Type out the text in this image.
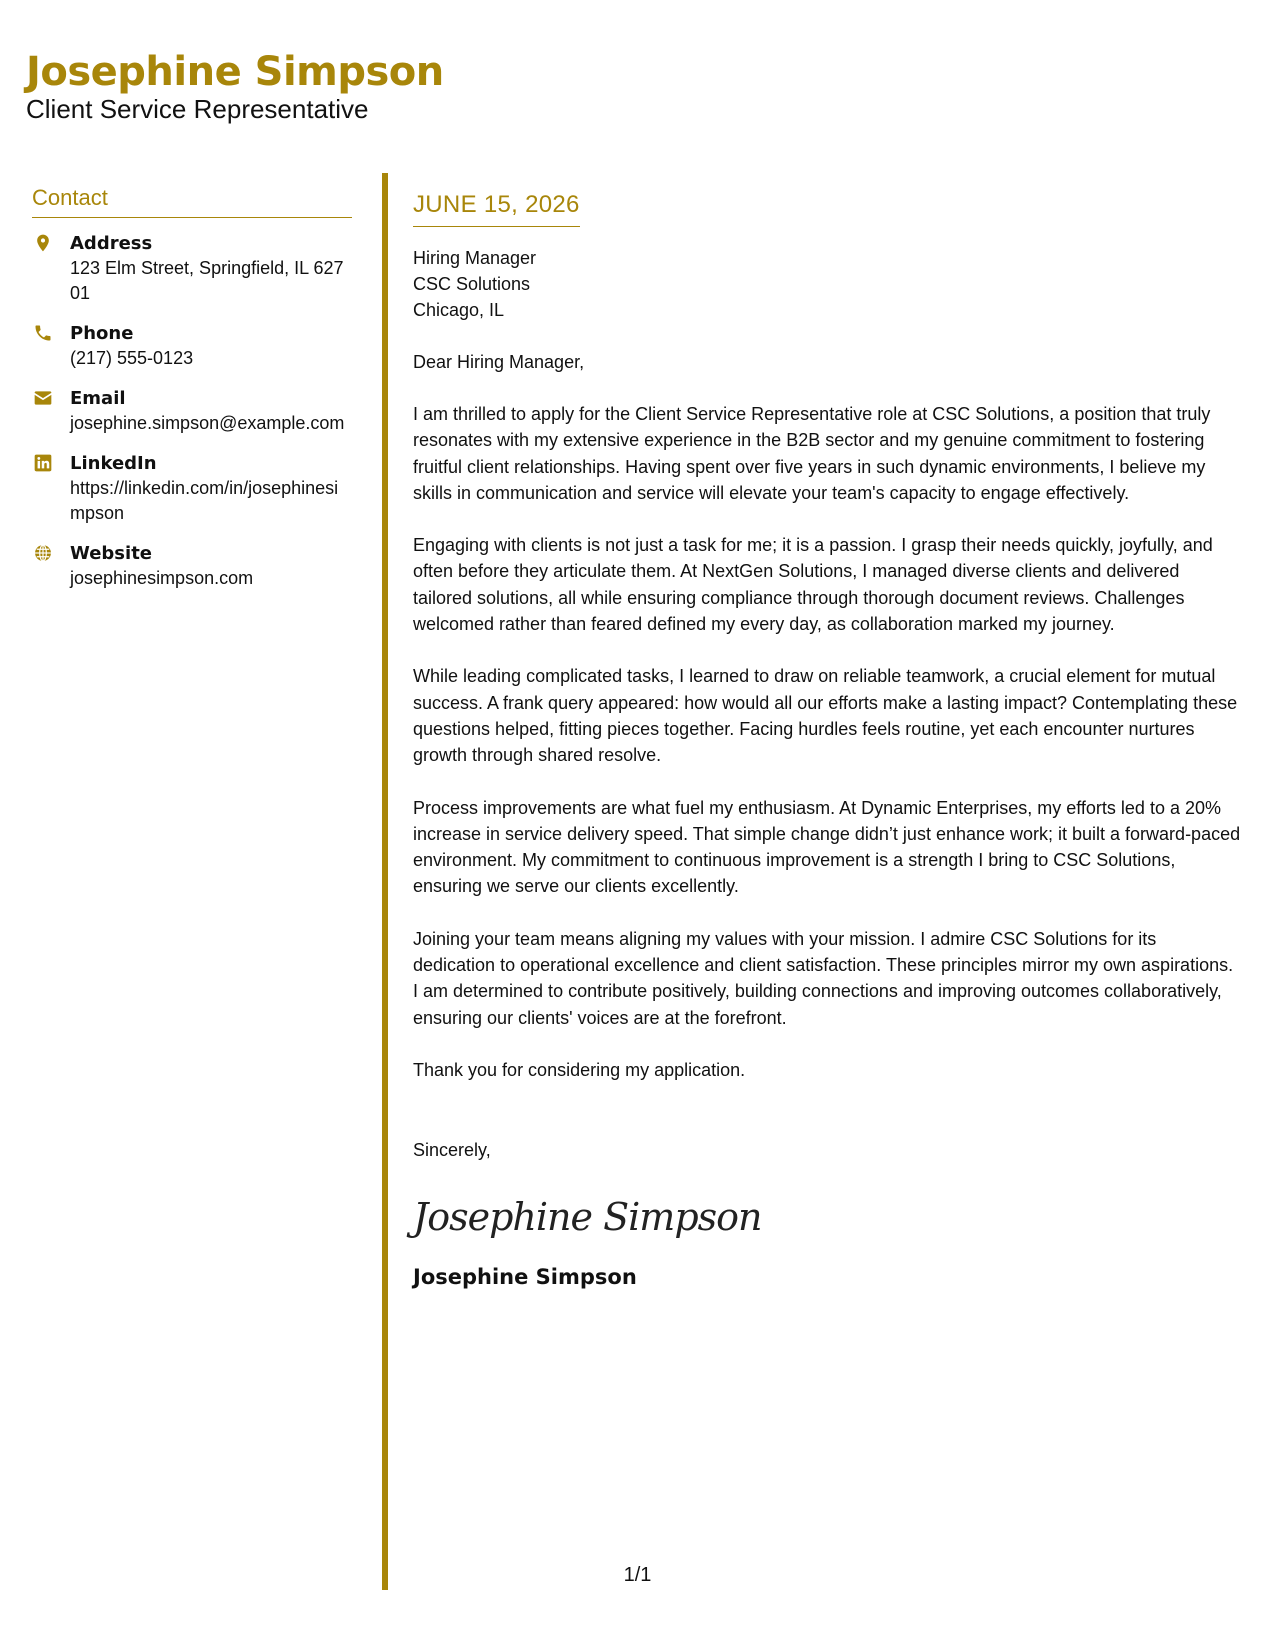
Josephine Simpson
Client Service Representative
Contact
Address
123 Elm Street, Springfield, IL 62701
Phone
(217) 555-0123
Email
josephine.simpson@example.com
LinkedIn
https://linkedin.com/in/josephinesimpson
Website
josephinesimpson.com
JUNE 15, 2026
Hiring Manager
CSC Solutions
Chicago, IL
Dear Hiring Manager,

I am thrilled to apply for the Client Service Representative role at CSC Solutions, a position that truly resonates with my extensive experience in the B2B sector and my genuine commitment to fostering fruitful client relationships. Having spent over five years in such dynamic environments, I believe my skills in communication and service will elevate your team's capacity to engage effectively.

Engaging with clients is not just a task for me; it is a passion. I grasp their needs quickly, joyfully, and often before they articulate them. At NextGen Solutions, I managed diverse clients and delivered tailored solutions, all while ensuring compliance through thorough document reviews. Challenges welcomed rather than feared defined my every day, as collaboration marked my journey.

While leading complicated tasks, I learned to draw on reliable teamwork, a crucial element for mutual success. A frank query appeared: how would all our efforts make a lasting impact? Contemplating these questions helped, fitting pieces together. Facing hurdles feels routine, yet each encounter nurtures growth through shared resolve.

Process improvements are what fuel my enthusiasm. At Dynamic Enterprises, my efforts led to a 20% increase in service delivery speed. That simple change didn’t just enhance work; it built a forward-paced environment. My commitment to continuous improvement is a strength I bring to CSC Solutions, ensuring we serve our clients excellently.

Joining your team means aligning my values with your mission. I admire CSC Solutions for its dedication to operational excellence and client satisfaction. These principles mirror my own aspirations. I am determined to contribute positively, building connections and improving outcomes collaboratively, ensuring our clients' voices are at the forefront.

Thank you for considering my application.
Sincerely,
Josephine Simpson
Josephine Simpson
1/1
